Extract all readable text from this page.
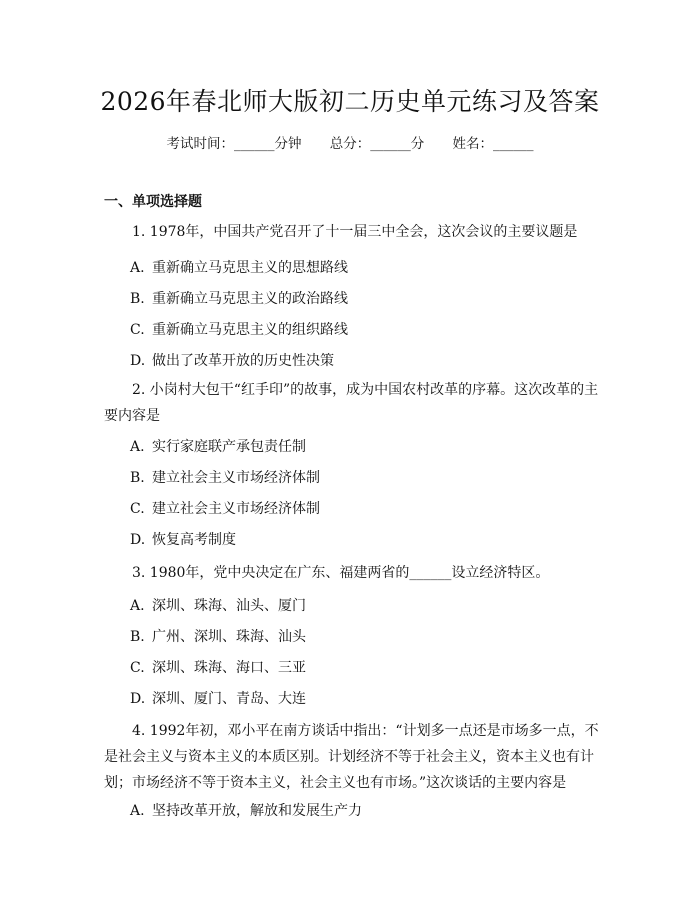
2026年春北师大版初二历史单元练习及答案
考试时间：______分钟 总分：______分 姓名：______
一、单项选择题
1. 1978年，中国共产党召开了十一届三中全会，这次会议的主要议题是
A. 重新确立马克思主义的思想路线
B. 重新确立马克思主义的政治路线
C. 重新确立马克思主义的组织路线
D. 做出了改革开放的历史性决策
2. 小岗村大包干“红手印”的故事，成为中国农村改革的序幕。这次改革的主要内容是
A. 实行家庭联产承包责任制
B. 建立社会主义市场经济体制
C. 建立社会主义市场经济体制
D. 恢复高考制度
3. 1980年，党中央决定在广东、福建两省的______设立经济特区。
A. 深圳、珠海、汕头、厦门
B. 广州、深圳、珠海、汕头
C. 深圳、珠海、海口、三亚
D. 深圳、厦门、青岛、大连
4. 1992年初，邓小平在南方谈话中指出：“计划多一点还是市场多一点，不是社会主义与资本主义的本质区别。计划经济不等于社会主义，资本主义也有计划；市场经济不等于资本主义，社会主义也有市场。”这次谈话的主要内容是
A. 坚持改革开放，解放和发展生产力
